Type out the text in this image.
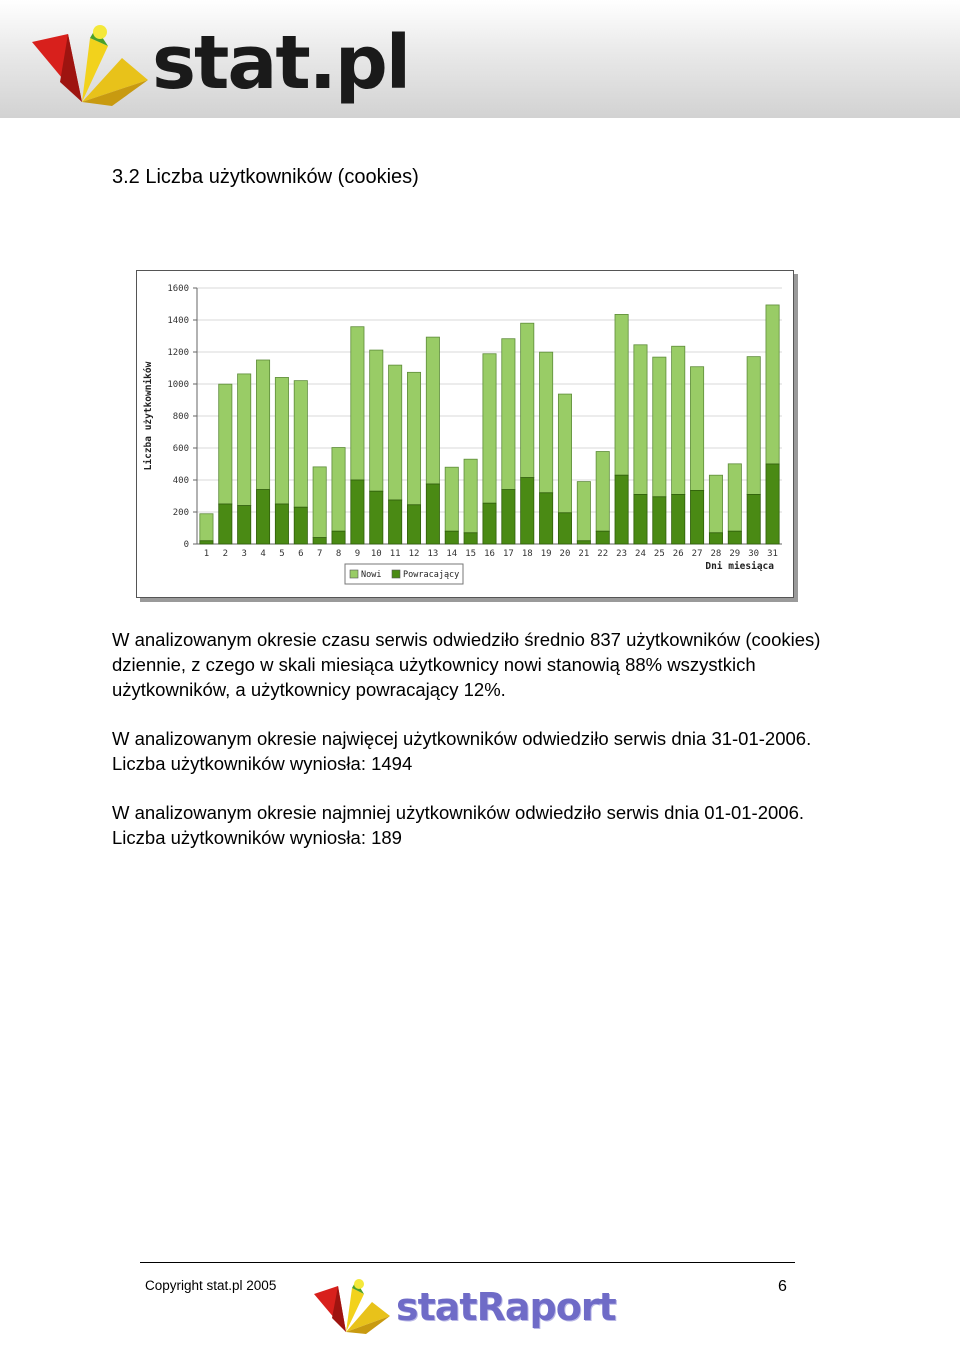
stat.pl
3.2 Liczba użytkowników (cookies)
0
200
400
600
800
1000
1200
1400
1600
1 2 3 4 5 6 7 8 9 10 11 12 13 14 15 16 17 18 19 20 21 22 23 24 25 26 27 28 29 30 31
Liczba użytkowników
Dni miesiąca
Nowi	Powracający

W analizowanym okresie czasu serwis odwiedziło średnio 837 użytkowników (cookies) dziennie, z czego w skali miesiąca użytkownicy nowi stanowią 88% wszystkich użytkowników, a użytkownicy powracający 12%.

W analizowanym okresie najwięcej użytkowników odwiedziło serwis dnia 31-01-2006. Liczba użytkowników wyniosła: 1494

W analizowanym okresie najmniej użytkowników odwiedziło serwis dnia 01-01-2006. Liczba użytkowników wyniosła: 189

Copyright stat.pl 2005	statRaport	6
